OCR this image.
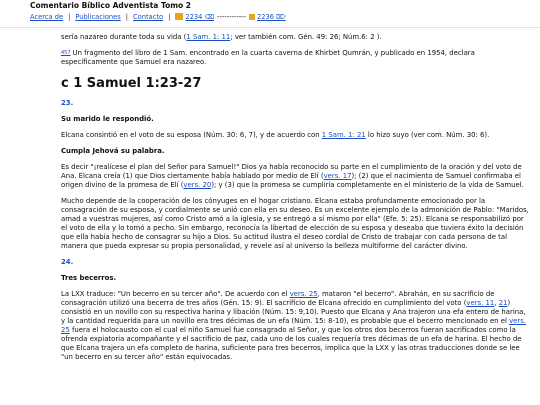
Comentario Bíblico Adventista Tomo 2
Acerca de | Publicaciones | Contacto |	2234 ⌫ ------------	2236 ⌦

sería nazareo durante toda su vida (1 Sam. 1: 11; ver también com. Gén. 49: 26; Núm.6: 2 ).

457 Un fragmento del libro de 1 Sam. encontrado en la cuarta caverna de Khirbet Qumrán, y publicado en 1954, declara específicamente que Samuel era nazareo.

c 1 Samuel 1:23-27
23.
Su marido le respondió.

Elcana consintió en el voto de su esposa (Núm. 30: 6, 7), y de acuerdo con 1 Sam. 1: 21 lo hizo suyo (ver com. Núm. 30: 6).

Cumpla Jehová su palabra.

Es decir "¡realícese el plan del Señor para Samuel!" Dios ya había reconocido su parte en el cumplimiento de la oración y del voto de Ana. Elcana creía (1) que Dios ciertamente había hablado por medio de Elí (vers. 17); (2) que el nacimiento de Samuel confirmaba el origen divino de la promesa de Elí (vers. 20); y (3) que la promesa se cumpliría completamente en el ministerio de la vida de Samuel.

Mucho depende de la cooperación de los cónyuges en el hogar cristiano. Elcana estaba profundamente emocionado por la consagración de su esposa, y cordialmente se unió con ella en su deseo. Es un excelente ejemplo de la admonición de Pablo: "Maridos, amad a vuestras mujeres, así como Cristo amó a la iglesia, y se entregó a sí mismo por ella" (Efe. 5: 25). Elcana se responsabilizó por el voto de ella y lo tomó a pecho. Sin embargo, reconocía la libertad de elección de su esposa y deseaba que tuviera éxito la decisión que ella había hecho de consagrar su hijo a Dios. Su actitud ilustra el deseo cordial de Cristo de trabajar con cada persona de tal manera que pueda expresar su propia personalidad, y revele así al universo la belleza multiforme del carácter divino.

24.
Tres becerros.

La LXX traduce: "Un becerro en su tercer año". De acuerdo con el vers. 25, mataron "el becerro". Abrahán, en su sacrificio de consagración utilizó una becerra de tres años (Gén. 15: 9). El sacrificio de Elcana ofrecido en cumplimiento del voto (vers. 11, 21) consistió en un novillo con su respectiva harina y libación (Núm. 15: 9,10). Puesto que Elcana y Ana trajeron una efa entero de harina, y la cantidad requerida para un novillo era tres décimas de un efa (Núm. 15: 8-10), es probable que el becerro mencionado en el vers. 25 fuera el holocausto con el cual el niño Samuel fue consagrado al Señor, y que los otros dos becerros fueran sacrificados como la ofrenda expiatoria acompañante y el sacrificio de paz, cada uno de los cuales requería tres décimas de un efa de harina. El hecho de que Elcana trajera un efa completo de harina, suficiente para tres becerros, implica que la LXX y las otras traducciones donde se lee "un becerro en su tercer año" están equivocadas.
